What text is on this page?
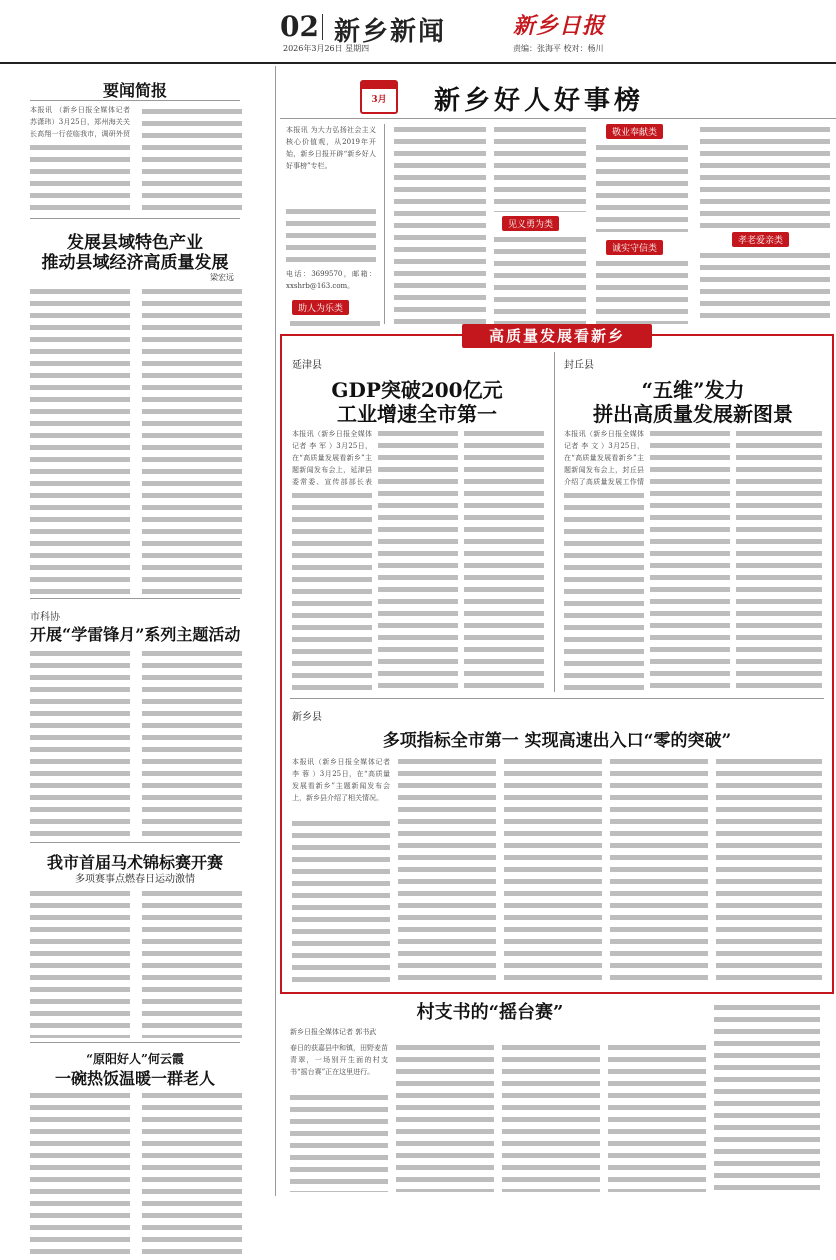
02 新乡新闻
2026年3月26日 星期四
新乡日报
责编：张海平 校对：杨川
要闻简报
本报讯 （新乡日报全媒体记者 苏潇玮）3月25日，郑州海关关长高翔一行莅临我市，调研外贸
发展县域特色产业
推动县域经济高质量发展
梁宏远
市科协
开展“学雷锋月”系列主题活动
我市首届马术锦标赛开赛
多项赛事点燃春日运动激情
“原阳好人”何云霞
一碗热饭温暖一群老人
3月	新乡好人好事榜
本报讯 为大力弘扬社会主义核心价值观，从2019年开始，新乡日报开辟“新乡好人好事榜”专栏。
电话：3699570，邮箱：xxshrb@163.com。
助人为乐类
见义勇为类
敬业奉献类
诚实守信类
孝老爱亲类
高质量发展看新乡
延津县
GDP突破200亿元
工业增速全市第一
本报讯（新乡日报全媒体记者 李 军 ）3月25日，在“高质量发展看新乡”主题新闻发布会上，延津县委常委、宣传部部长表
封丘县
“五维”发力
拼出高质量发展新图景
本报讯（新乡日报全媒体记者 李 文 ）3月25日，在“高质量发展看新乡”主题新闻发布会上，封丘县介绍了高质量发展工作情
新乡县
多项指标全市第一 实现高速出入口“零的突破”
本报讯（新乡日报全媒体记者 李 蓉 ）3月25日，在“高质量发展看新乡”主题新闻发布会上，新乡县介绍了相关情况。
村支书的“摇台赛”
新乡日报全媒体记者 郭书武
春日的获嘉县中和镇，田野麦苗青翠，一场别开生面的村支书“摇台赛”正在这里进行。
